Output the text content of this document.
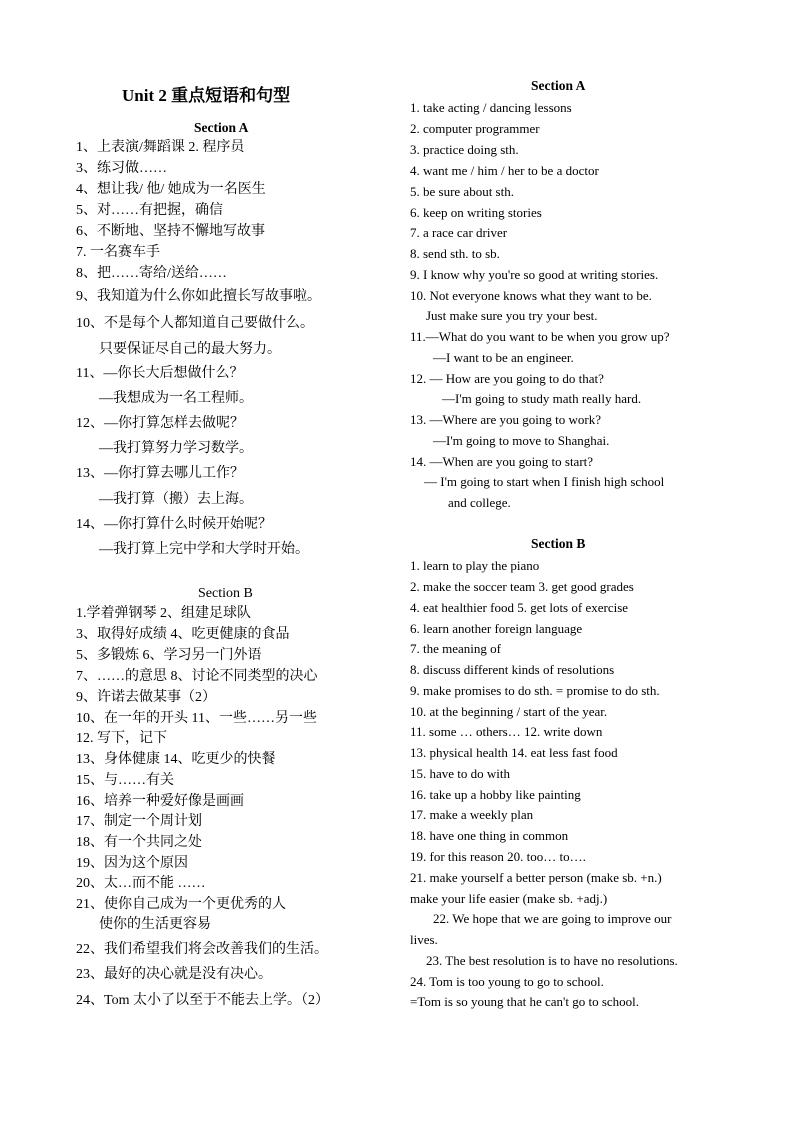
Unit 2 重点短语和句型
Section A
1、上表演/舞蹈课 2. 程序员
3、练习做……
4、想让我/ 他/ 她成为一名医生
5、对……有把握，确信
6、不断地、坚持不懈地写故事
7. 一名赛车手
8、把……寄给/送给……
9、我知道为什么你如此擅长写故事啦。
10、不是每个人都知道自己要做什么。
只要保证尽自己的最大努力。
11、—你长大后想做什么？
—我想成为一名工程师。
12、—你打算怎样去做呢？
—我打算努力学习数学。
13、—你打算去哪儿工作？
—我打算（搬）去上海。
14、—你打算什么时候开始呢？
—我打算上完中学和大学时开始。
Section B
1.学着弹钢琴 2、组建足球队
3、取得好成绩 4、吃更健康的食品
5、多锻炼 6、学习另一门外语
7、……的意思 8、讨论不同类型的决心
9、许诺去做某事（2）
10、在一年的开头 11、一些……另一些
12. 写下，记下
13、身体健康 14、吃更少的快餐
15、与……有关
16、培养一种爱好像是画画
17、制定一个周计划
18、有一个共同之处
19、因为这个原因
20、太…而不能 ……
21、使你自己成为一个更优秀的人
使你的生活更容易
22、我们希望我们将会改善我们的生活。
23、最好的决心就是没有决心。
24、Tom 太小了以至于不能去上学。（2）
Section A
1. take acting / dancing lessons
2. computer programmer
3. practice doing sth.
4. want me / him / her to be a doctor
5. be sure about sth.
6. keep on writing stories
7. a race car driver
8. send sth. to sb.
9. I know why you're so good at writing stories.
10. Not everyone knows what they want to be.
Just make sure you try your best.
11.—What do you want to be when you grow up?
—I want to be an engineer.
12. — How are you going to do that?
—I'm going to study math really hard.
13. —Where are you going to work?
—I'm going to move to Shanghai.
14. —When are you going to start?
— I'm going to start when I finish high school
and college.
Section B
1. learn to play the piano
2. make the soccer team 3. get good grades
4. eat healthier food 5. get lots of exercise
6. learn another foreign language
7. the meaning of
8. discuss different kinds of resolutions
9. make promises to do sth. = promise to do sth.
10. at the beginning / start of the year.
11. some … others… 12. write down
13. physical health 14. eat less fast food
15. have to do with
16. take up a hobby like painting
17. make a weekly plan
18. have one thing in common
19. for this reason 20. too… to….
21. make yourself a better person (make sb. +n.)
make your life easier (make sb. +adj.)
22. We hope that we are going to improve our
lives.
23. The best resolution is to have no resolutions.
24. Tom is too young to go to school.
=Tom is so young that he can't go to school.
